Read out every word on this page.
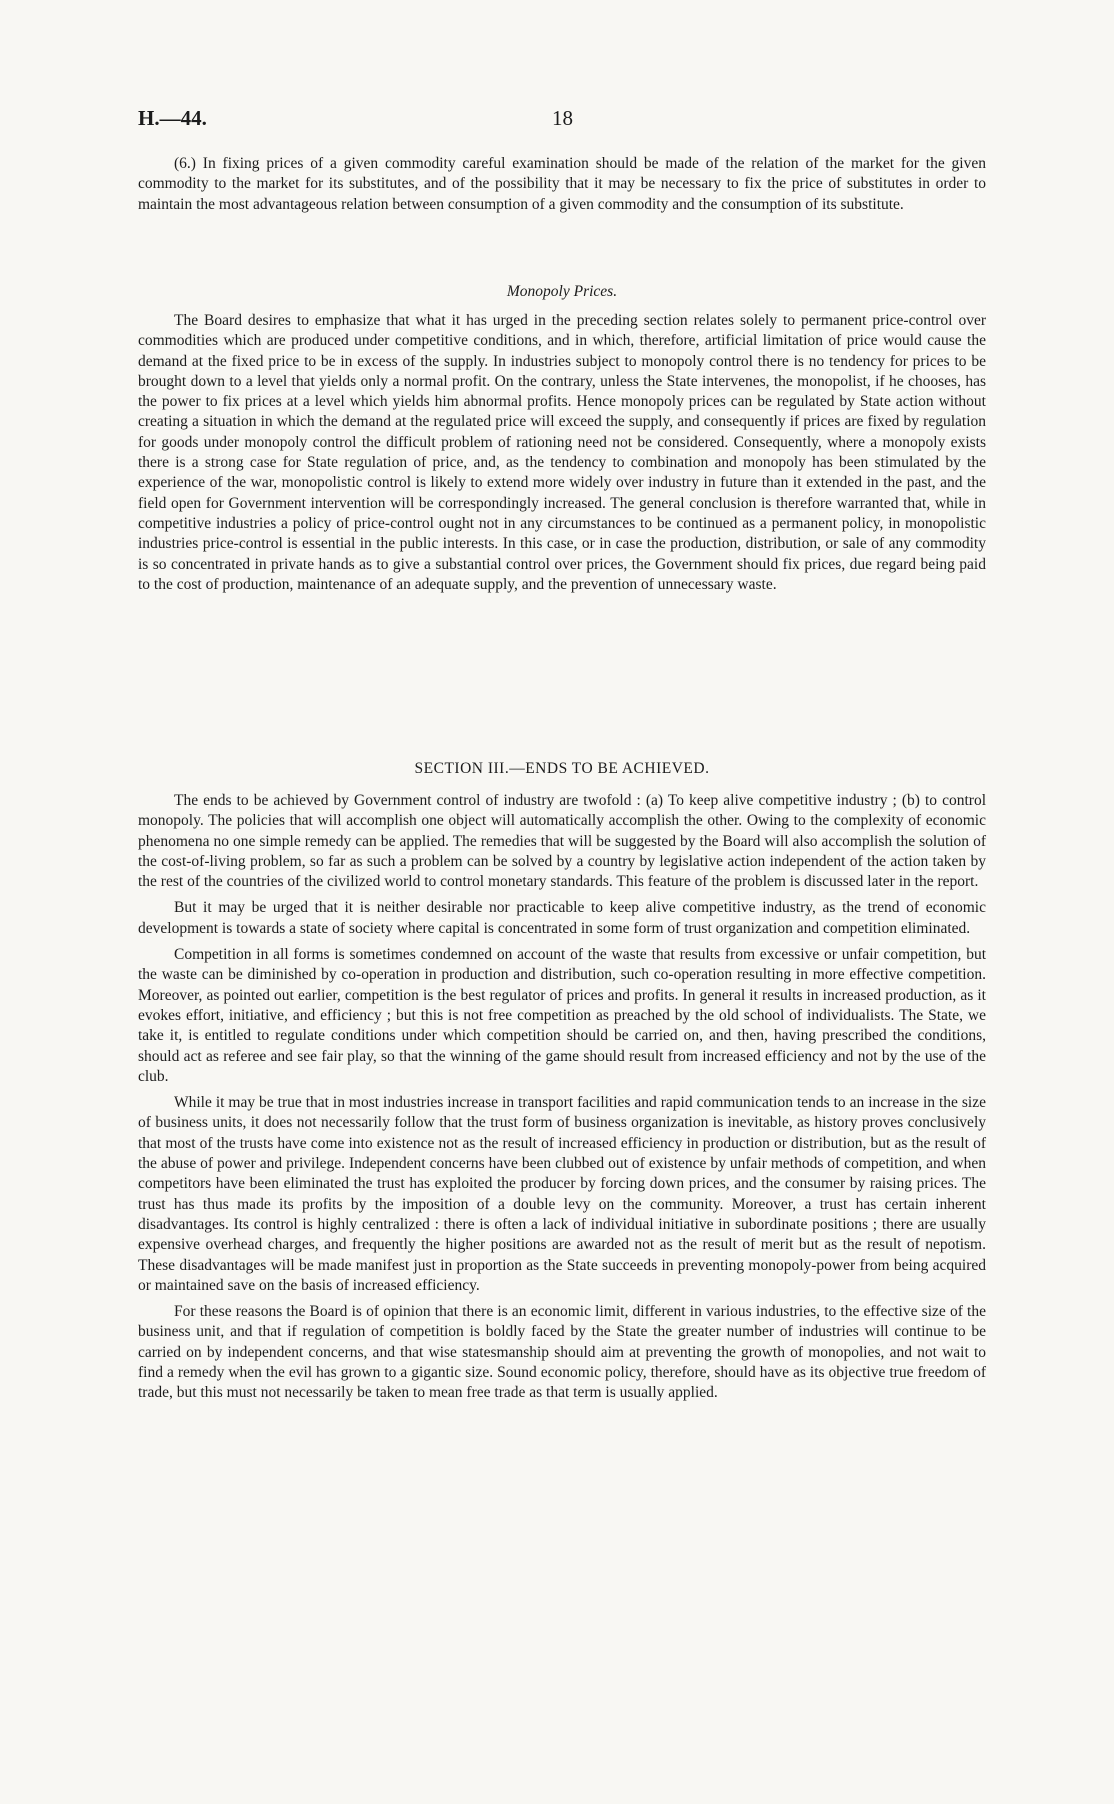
H.—44.	18

(6.) In fixing prices of a given commodity careful examination should be made of the relation of the market for the given commodity to the market for its substitutes, and of the possibility that it may be necessary to fix the price of substitutes in order to maintain the most advantageous relation between consumption of a given commodity and the consumption of its substitute.

Monopoly Prices.

The Board desires to emphasize that what it has urged in the preceding section relates solely to permanent price-control over commodities which are produced under competitive conditions, and in which, therefore, artificial limitation of price would cause the demand at the fixed price to be in excess of the supply. In industries subject to monopoly control there is no tendency for prices to be brought down to a level that yields only a normal profit. On the contrary, unless the State intervenes, the monopolist, if he chooses, has the power to fix prices at a level which yields him abnormal profits. Hence monopoly prices can be regulated by State action without creating a situation in which the demand at the regulated price will exceed the supply, and consequently if prices are fixed by regulation for goods under monopoly control the difficult problem of rationing need not be considered. Consequently, where a monopoly exists there is a strong case for State regulation of price, and, as the tendency to combination and monopoly has been stimulated by the experience of the war, monopolistic control is likely to extend more widely over industry in future than it extended in the past, and the field open for Government intervention will be correspondingly increased. The general conclusion is therefore warranted that, while in competitive industries a policy of price-control ought not in any circumstances to be continued as a permanent policy, in monopolistic industries price-control is essential in the public interests. In this case, or in case the production, distribution, or sale of any commodity is so concentrated in private hands as to give a substantial control over prices, the Government should fix prices, due regard being paid to the cost of production, maintenance of an adequate supply, and the prevention of unnecessary waste.

SECTION III.—ENDS TO BE ACHIEVED.

The ends to be achieved by Government control of industry are twofold : (a) To keep alive competitive industry ; (b) to control monopoly. The policies that will accomplish one object will automatically accomplish the other. Owing to the complexity of economic phenomena no one simple remedy can be applied. The remedies that will be suggested by the Board will also accomplish the solution of the cost-of-living problem, so far as such a problem can be solved by a country by legislative action independent of the action taken by the rest of the countries of the civilized world to control monetary standards. This feature of the problem is discussed later in the report.

But it may be urged that it is neither desirable nor practicable to keep alive competitive industry, as the trend of economic development is towards a state of society where capital is concentrated in some form of trust organization and competition eliminated.

Competition in all forms is sometimes condemned on account of the waste that results from excessive or unfair competition, but the waste can be diminished by co-operation in production and distribution, such co-operation resulting in more effective competition. Moreover, as pointed out earlier, competition is the best regulator of prices and profits. In general it results in increased production, as it evokes effort, initiative, and efficiency ; but this is not free competition as preached by the old school of individualists. The State, we take it, is entitled to regulate conditions under which competition should be carried on, and then, having prescribed the conditions, should act as referee and see fair play, so that the winning of the game should result from increased efficiency and not by the use of the club.

While it may be true that in most industries increase in transport facilities and rapid communication tends to an increase in the size of business units, it does not necessarily follow that the trust form of business organization is inevitable, as history proves conclusively that most of the trusts have come into existence not as the result of increased efficiency in production or distribution, but as the result of the abuse of power and privilege. Independent concerns have been clubbed out of existence by unfair methods of competition, and when competitors have been eliminated the trust has exploited the producer by forcing down prices, and the consumer by raising prices. The trust has thus made its profits by the imposition of a double levy on the community. Moreover, a trust has certain inherent disadvantages. Its control is highly centralized : there is often a lack of individual initiative in subordinate positions ; there are usually expensive overhead charges, and frequently the higher positions are awarded not as the result of merit but as the result of nepotism. These disadvantages will be made manifest just in proportion as the State succeeds in preventing monopoly-power from being acquired or maintained save on the basis of increased efficiency.

For these reasons the Board is of opinion that there is an economic limit, different in various industries, to the effective size of the business unit, and that if regulation of competition is boldly faced by the State the greater number of industries will continue to be carried on by independent concerns, and that wise statesmanship should aim at preventing the growth of monopolies, and not wait to find a remedy when the evil has grown to a gigantic size. Sound economic policy, therefore, should have as its objective true freedom of trade, but this must not necessarily be taken to mean free trade as that term is usually applied.
